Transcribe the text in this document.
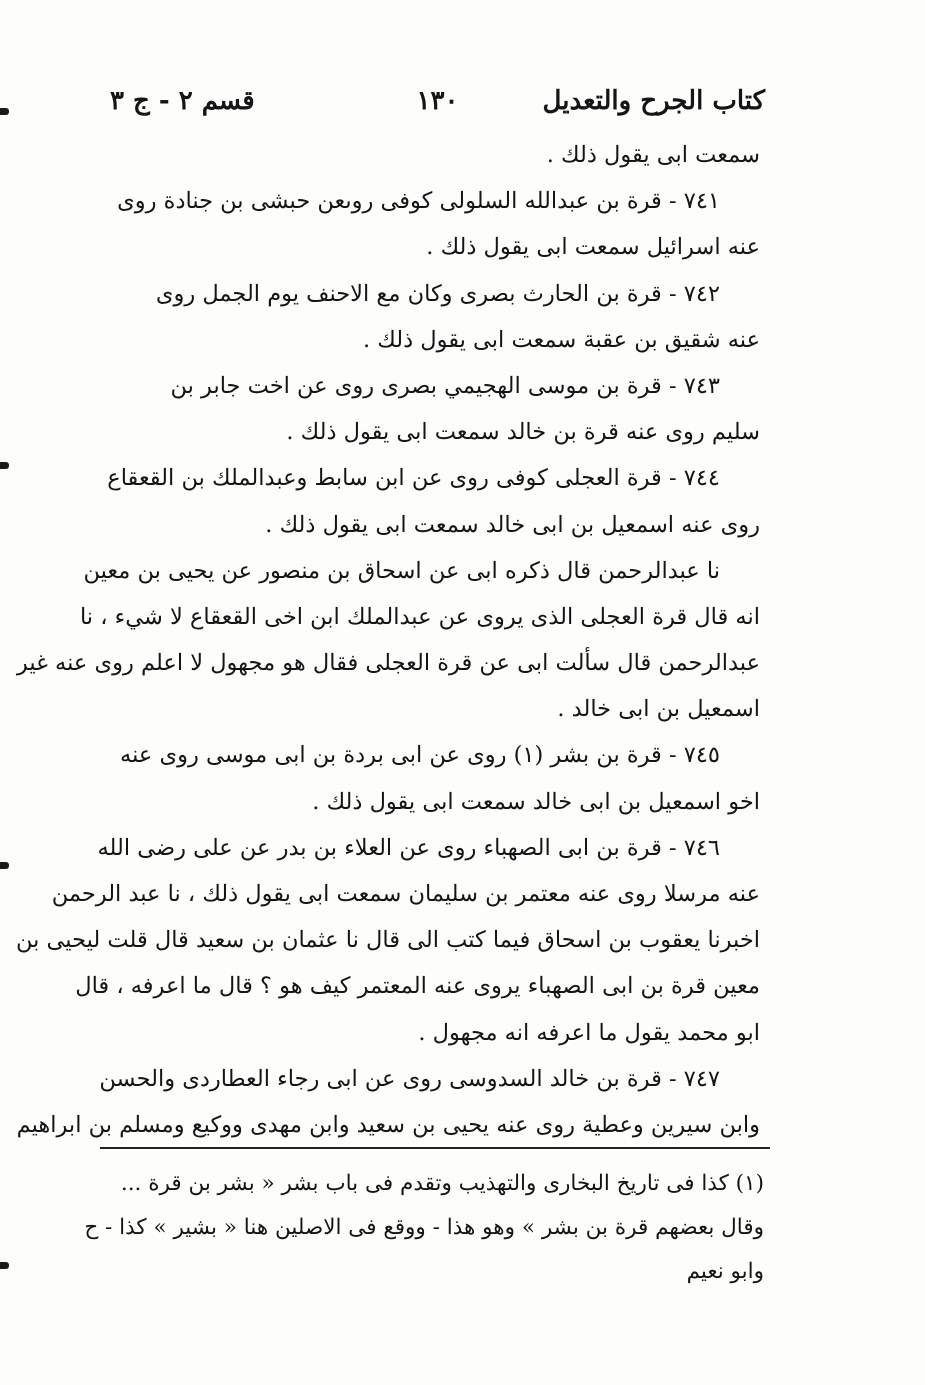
كتاب الجرح والتعديل
١٣٠
قسم ٢ - ج ٣
سمعت ابى يقول ذلك .
٧٤١ - قرة بن عبدالله السلولى كوفى روىعن حبشى بن جنادة روى
عنه اسرائيل سمعت ابى يقول ذلك .
٧٤٢ - قرة بن الحارث بصرى وكان مع الاحنف يوم الجمل روى
عنه شقيق بن عقبة سمعت ابى يقول ذلك .
٧٤٣ - قرة بن موسى الهجيمي بصرى روى عن اخت جابر بن
سليم روى عنه قرة بن خالد سمعت ابى يقول ذلك .
٧٤٤ - قرة العجلى كوفى روى عن ابن سابط وعبدالملك بن القعقاع
روى عنه اسمعيل بن ابى خالد سمعت ابى يقول ذلك .
نا عبدالرحمن قال ذكره ابى عن اسحاق بن منصور عن يحيى بن معين
انه قال قرة العجلى الذى يروى عن عبدالملك ابن اخى القعقاع لا شيء ، نا
عبدالرحمن قال سألت ابى عن قرة العجلى فقال هو مجهول لا اعلم روى عنه غير
اسمعيل بن ابى خالد .
٧٤٥ - قرة بن بشر (١) روى عن ابى بردة بن ابى موسى روى عنه
اخو اسمعيل بن ابى خالد سمعت ابى يقول ذلك .
٧٤٦ - قرة بن ابى الصهباء روى عن العلاء بن بدر عن على رضى الله
عنه مرسلا روى عنه معتمر بن سليمان سمعت ابى يقول ذلك ، نا عبد الرحمن
اخبرنا يعقوب بن اسحاق فيما كتب الى قال نا عثمان بن سعيد قال قلت ليحيى بن
معين قرة بن ابى الصهباء يروى عنه المعتمر كيف هو ؟ قال ما اعرفه ، قال
ابو محمد يقول ما اعرفه انه مجهول .
٧٤٧ - قرة بن خالد السدوسى روى عن ابى رجاء العطاردى والحسن
وابن سيرين وعطية روى عنه يحيى بن سعيد وابن مهدى ووكيع ومسلم بن ابراهيم
(١) كذا فى تاريخ البخارى والتهذيب وتقدم فى باب بشر « بشر بن قرة ...
وقال بعضهم قرة بن بشر » وهو هذا - ووقع فى الاصلين هنا « بشير » كذا - ح
وابو نعيم
